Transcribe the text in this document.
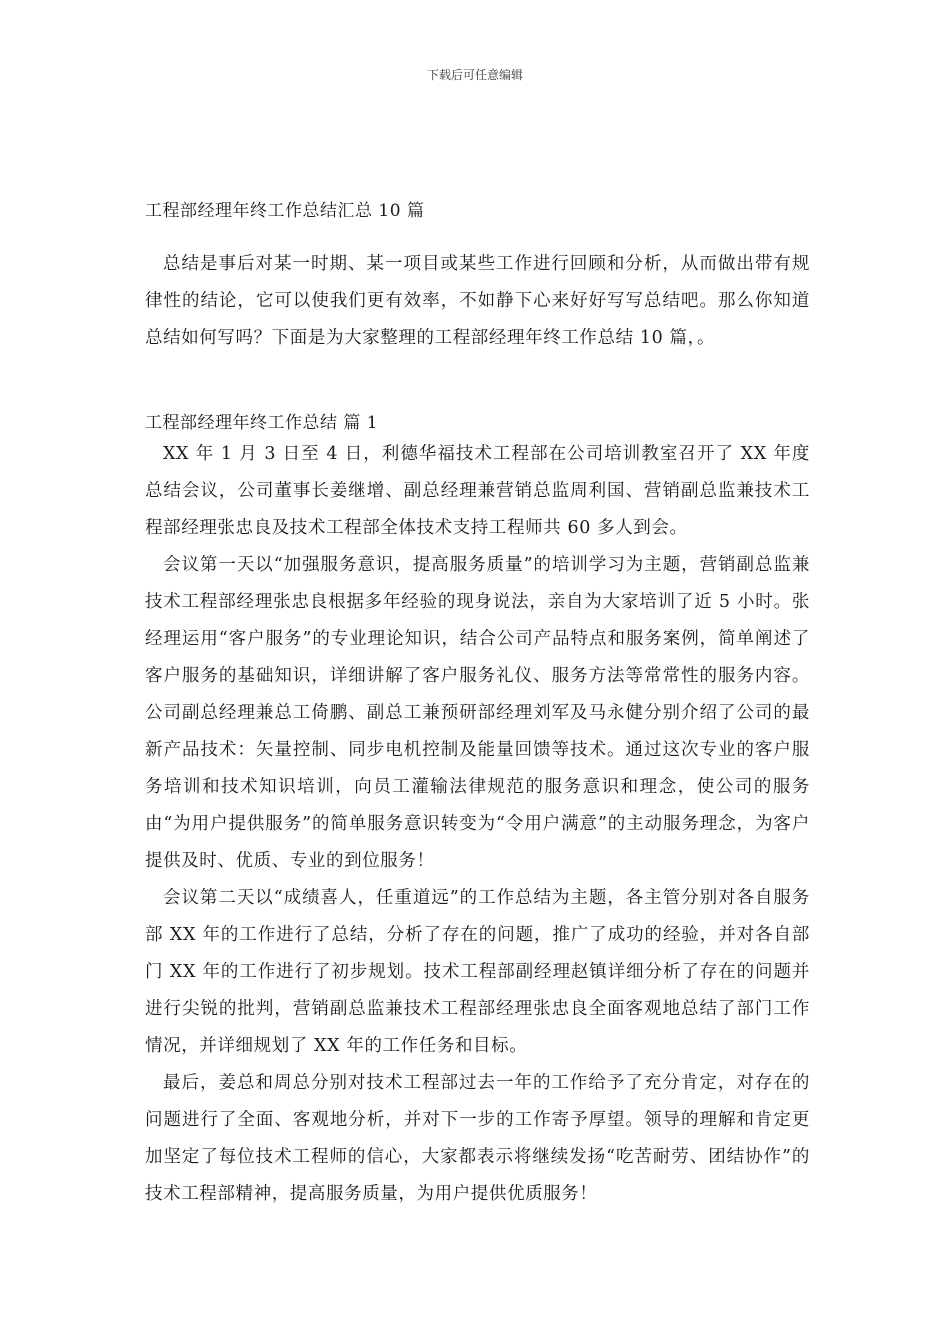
下载后可任意编辑
工程部经理年终工作总结汇总 10 篇

总结是事后对某一时期、某一项目或某些工作进行回顾和分析，从而做出带有规律性的结论，它可以使我们更有效率，不如静下心来好好写写总结吧。那么你知道总结如何写吗？下面是为大家整理的工程部经理年终工作总结 10 篇，。

工程部经理年终工作总结 篇 1

XX 年 1 月 3 日至 4 日，利德华福技术工程部在公司培训教室召开了 XX 年度总结会议，公司董事长姜继增、副总经理兼营销总监周利国、营销副总监兼技术工程部经理张忠良及技术工程部全体技术支持工程师共 60 多人到会。

会议第一天以“加强服务意识，提高服务质量”的培训学习为主题，营销副总监兼技术工程部经理张忠良根据多年经验的现身说法，亲自为大家培训了近 5 小时。张经理运用“客户服务”的专业理论知识，结合公司产品特点和服务案例，简单阐述了客户服务的基础知识，详细讲解了客户服务礼仪、服务方法等常常性的服务内容。公司副总经理兼总工倚鹏、副总工兼预研部经理刘军及马永健分别介绍了公司的最新产品技术：矢量控制、同步电机控制及能量回馈等技术。通过这次专业的客户服务培训和技术知识培训，向员工灌输法律规范的服务意识和理念，使公司的服务由“为用户提供服务”的简单服务意识转变为“令用户满意”的主动服务理念，为客户提供及时、优质、专业的到位服务！

会议第二天以“成绩喜人，任重道远”的工作总结为主题，各主管分别对各自服务部 XX 年的工作进行了总结，分析了存在的问题，推广了成功的经验，并对各自部门 XX 年的工作进行了初步规划。技术工程部副经理赵镇详细分析了存在的问题并进行尖锐的批判，营销副总监兼技术工程部经理张忠良全面客观地总结了部门工作情况，并详细规划了 XX 年的工作任务和目标。

最后，姜总和周总分别对技术工程部过去一年的工作给予了充分肯定，对存在的问题进行了全面、客观地分析，并对下一步的工作寄予厚望。领导的理解和肯定更加坚定了每位技术工程师的信心，大家都表示将继续发扬“吃苦耐劳、团结协作”的技术工程部精神，提高服务质量，为用户提供优质服务！
